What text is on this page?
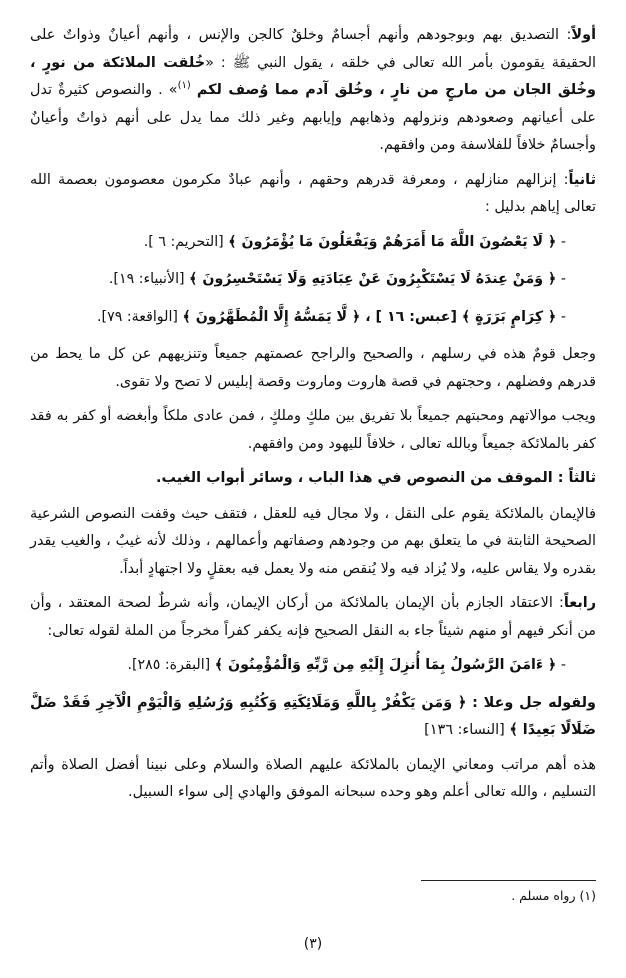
أولاً: التصديق بهم وبوجودهم وأنهم أجسامٌ وخلقٌ كالجن والإنس ، وأنهم أعيانٌ وذواتٌ على الحقيقة يقومون بأمر الله تعالى في خلقه ، يقول النبي ﷺ : «خُلقت الملائكة من نورٍ ، وخُلق الجان من مارجٍ من نارٍ ، وخُلق آدم مما وُصف لكم $^{(١)}$» . والنصوص كثيرةٌ تدل على أعيانهم وصعودهم ونزولهم وذهابهم وإيابهم وغير ذلك مما يدل على أنهم ذواتٌ وأعيانٌ وأجسامٌ خلافاً للفلاسفة ومن وافقهم.

ثانياً: إنزالهم منازلهم ، ومعرفة قدرهم وحقهم ، وأنهم عبادٌ مكرمون معصومون بعصمة الله تعالى إياهم بدليل :

- ﴿ لَا يَعْصُونَ اللَّهَ مَا أَمَرَهُمْ وَيَفْعَلُونَ مَا يُؤْمَرُونَ ﴾ [التحريم: ٦ ].
- ﴿ وَمَنْ عِندَهُ لَا يَسْتَكْبِرُونَ عَنْ عِبَادَتِهِ وَلَا يَسْتَحْسِرُونَ ﴾ [الأنبياء: ١٩].
- ﴿ كِرَامٍ بَرَرَةٍ ﴾ [عبس: ١٦ ] ، ﴿ لَّا يَمَسُّهُ إِلَّا الْمُطَهَّرُونَ ﴾ [الواقعة: ٧٩].

وجعل قومٌ هذه في رسلهم ، والصحيح والراجح عصمتهم جميعاً وتنزيههم عن كل ما يحط من قدرهم وفضلهم ، وحجتهم في قصة هاروت وماروت وقصة إبليس لا تصح ولا تقوى.

ويجب موالاتهم ومحبتهم جميعاً بلا تفريق بين ملكٍ وملكٍ ، فمن عادى ملكاً وأبغضه أو كفر به فقد كفر بالملائكة جميعاً وبالله تعالى ، خلافاً لليهود ومن وافقهم.

ثالثاً : الموقف من النصوص في هذا الباب ، وسائر أبواب الغيب.

فالإيمان بالملائكة يقوم على النقل ، ولا مجال فيه للعقل ، فتقف حيث وقفت النصوص الشرعية الصحيحة الثابتة في ما يتعلق بهم من وجودهم وصفاتهم وأعمالهم ، وذلك لأنه غيبٌ ، والغيب يقدر بقدره ولا يقاس عليه، ولا يُزاد فيه ولا يُنقص منه ولا يعمل فيه بعقلٍ ولا اجتهادٍ أبداً.

رابعاً: الاعتقاد الجازم بأن الإيمان بالملائكة من أركان الإيمان، وأنه شرطٌ لصحة المعتقد ، وأن من أنكر فيهم أو منهم شيئاً جاء به النقل الصحيح فإنه يكفر كفراً مخرجاً من الملة لقوله تعالى:

- ﴿ ءَامَنَ الرَّسُولُ بِمَا أُنزِلَ إِلَيْهِ مِن رَّبِّهِ وَالْمُؤْمِنُونَ ﴾ [البقرة: ٢٨٥].

ولقوله جل وعلا : ﴿ وَمَن يَكْفُرْ بِاللَّهِ وَمَلَائِكَتِهِ وَكُتُبِهِ وَرُسُلِهِ وَالْيَوْمِ الْآخِرِ فَقَدْ ضَلَّ ضَلَالًا بَعِيدًا ﴾ [النساء: ١٣٦]

هذه أهم مراتب ومعاني الإيمان بالملائكة عليهم الصلاة والسلام وعلى نبينا أفضل الصلاة وأتم التسليم ، والله تعالى أعلم وهو وحده سبحانه الموفق والهادي إلى سواء السبيل.

(١) رواه مسلم .
(٣)
